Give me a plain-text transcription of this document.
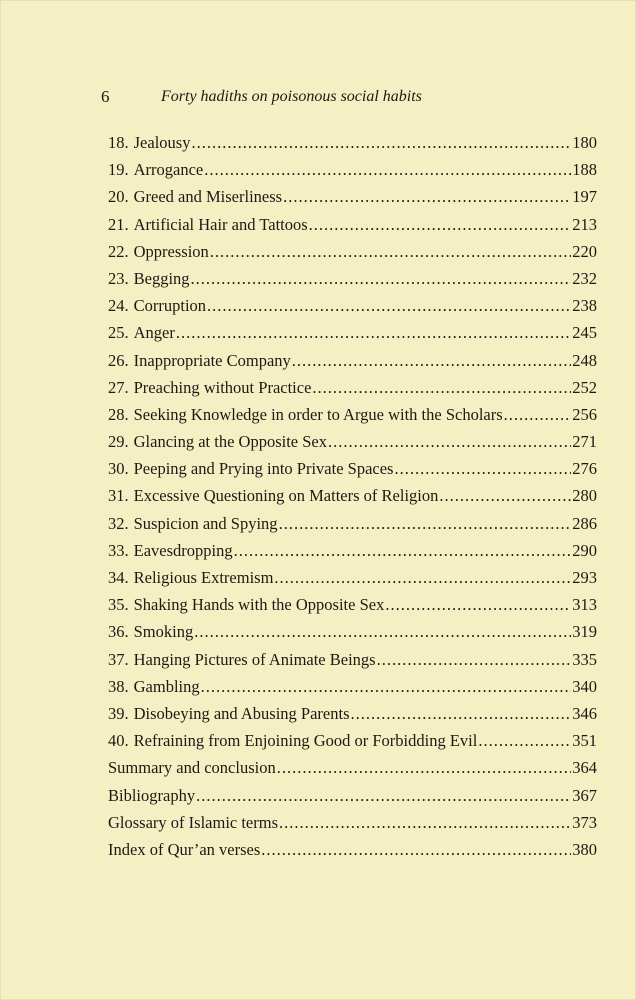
6	Forty hadiths on poisonous social habits
18. Jealousy .....	180
19. Arrogance .....	188
20. Greed and Miserliness .....	197
21. Artificial Hair and Tattoos .....	213
22. Oppression .....	220
23. Begging .....	232
24. Corruption .....	238
25. Anger .....	245
26. Inappropriate Company .....	248
27. Preaching without Practice .....	252
28. Seeking Knowledge in order to Argue with the Scholars .....	256
29. Glancing at the Opposite Sex .....	271
30. Peeping and Prying into Private Spaces .....	276
31. Excessive Questioning on Matters of Religion .....	280
32. Suspicion and Spying .....	286
33. Eavesdropping .....	290
34. Religious Extremism .....	293
35. Shaking Hands with the Opposite Sex .....	313
36. Smoking .....	319
37. Hanging Pictures of Animate Beings .....	335
38. Gambling .....	340
39. Disobeying and Abusing Parents .....	346
40. Refraining from Enjoining Good or Forbidding Evil .....	351
Summary and conclusion .....	364
Bibliography .....	367
Glossary of Islamic terms .....	373
Index of Qur’an verses .....	380
